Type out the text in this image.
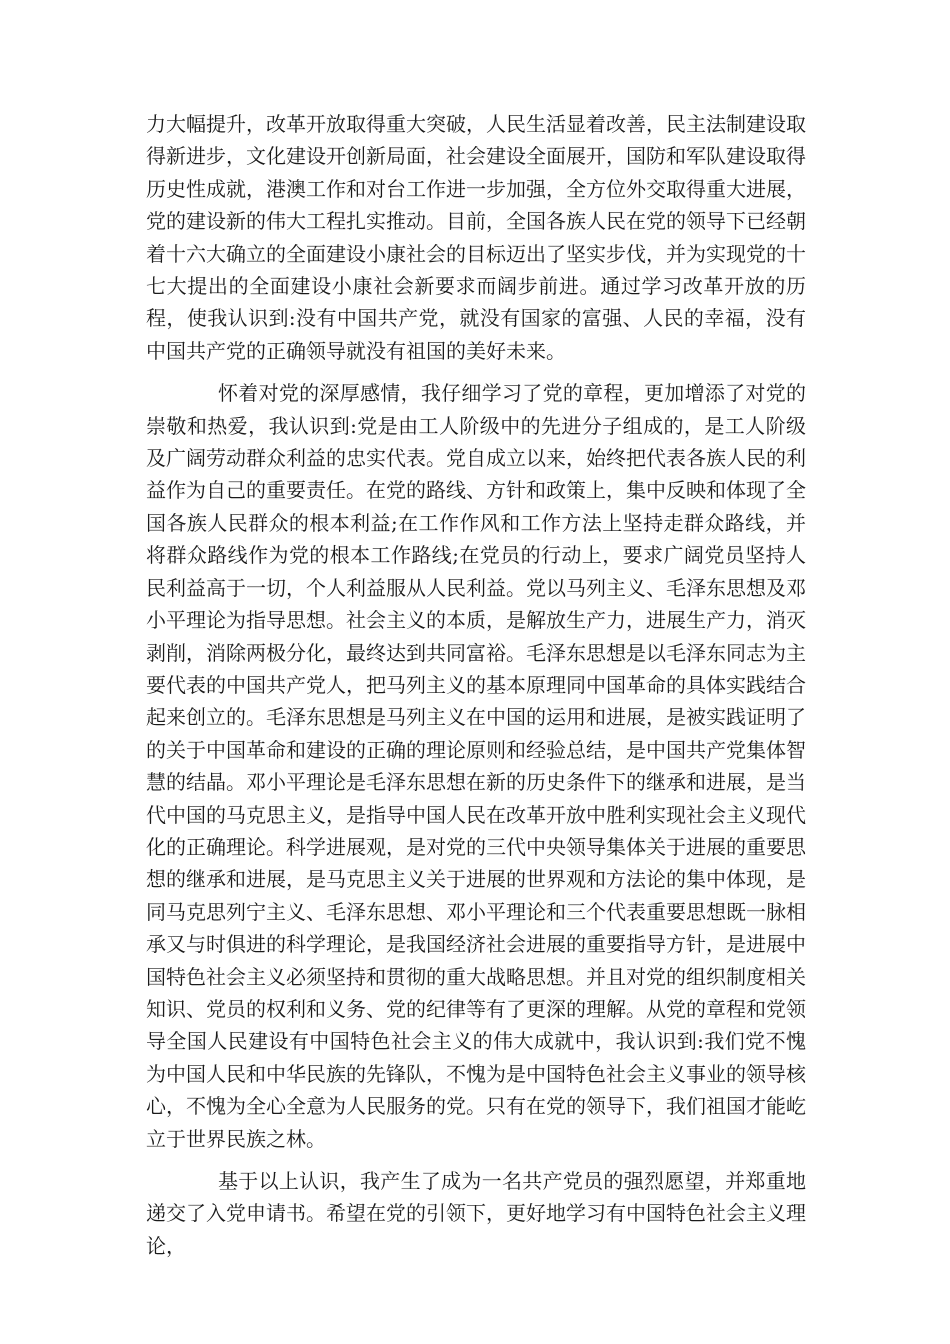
力大幅提升，改革开放取得重大突破，人民生活显着改善，民主法制建设取得新进步，文化建设开创新局面，社会建设全面展开，国防和军队建设取得历史性成就，港澳工作和对台工作进一步加强，全方位外交取得重大进展，党的建设新的伟大工程扎实推动。目前，全国各族人民在党的领导下已经朝着十六大确立的全面建设小康社会的目标迈出了坚实步伐，并为实现党的十七大提出的全面建设小康社会新要求而阔步前进。通过学习改革开放的历程，使我认识到:没有中国共产党，就没有国家的富强、人民的幸福，没有中国共产党的正确领导就没有祖国的美好未来。

怀着对党的深厚感情，我仔细学习了党的章程，更加增添了对党的崇敬和热爱，我认识到:党是由工人阶级中的先进分子组成的，是工人阶级及广阔劳动群众利益的忠实代表。党自成立以来，始终把代表各族人民的利益作为自己的重要责任。在党的路线、方针和政策上，集中反映和体现了全国各族人民群众的根本利益;在工作作风和工作方法上坚持走群众路线，并将群众路线作为党的根本工作路线;在党员的行动上，要求广阔党员坚持人民利益高于一切，个人利益服从人民利益。党以马列主义、毛泽东思想及邓小平理论为指导思想。社会主义的本质，是解放生产力，进展生产力，消灭剥削，消除两极分化，最终达到共同富裕。毛泽东思想是以毛泽东同志为主要代表的中国共产党人，把马列主义的基本原理同中国革命的具体实践结合起来创立的。毛泽东思想是马列主义在中国的运用和进展，是被实践证明了的关于中国革命和建设的正确的理论原则和经验总结，是中国共产党集体智慧的结晶。邓小平理论是毛泽东思想在新的历史条件下的继承和进展，是当代中国的马克思主义，是指导中国人民在改革开放中胜利实现社会主义现代化的正确理论。科学进展观，是对党的三代中央领导集体关于进展的重要思想的继承和进展，是马克思主义关于进展的世界观和方法论的集中体现，是同马克思列宁主义、毛泽东思想、邓小平理论和三个代表重要思想既一脉相承又与时俱进的科学理论，是我国经济社会进展的重要指导方针，是进展中国特色社会主义必须坚持和贯彻的重大战略思想。并且对党的组织制度相关知识、党员的权利和义务、党的纪律等有了更深的理解。从党的章程和党领导全国人民建设有中国特色社会主义的伟大成就中，我认识到:我们党不愧为中国人民和中华民族的先锋队，不愧为是中国特色社会主义事业的领导核心，不愧为全心全意为人民服务的党。只有在党的领导下，我们祖国才能屹立于世界民族之林。

基于以上认识，我产生了成为一名共产党员的强烈愿望，并郑重地递交了入党申请书。希望在党的引领下，更好地学习有中国特色社会主义理论，
